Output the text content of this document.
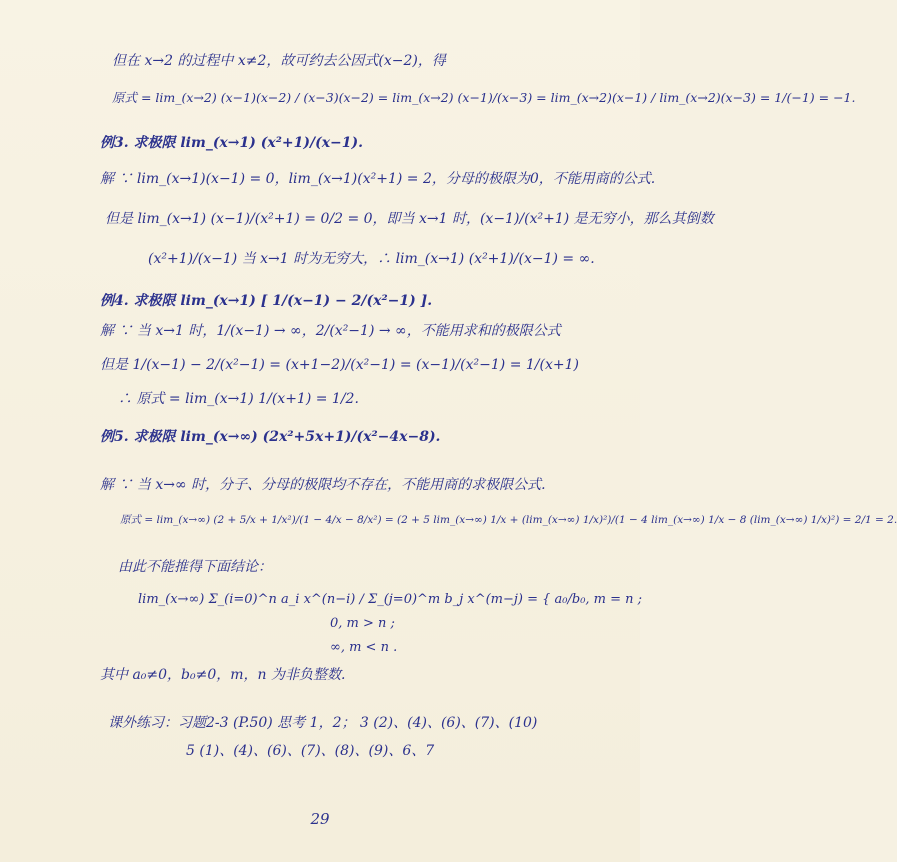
但在 x→2 的过程中 x≠2，故可约去公因式(x−2)，得
原式 = lim_(x→2) (x−1)(x−2) / (x−3)(x−2) = lim_(x→2) (x−1)/(x−3) = lim_(x→2)(x−1) / lim_(x→2)(x−3) = 1/(−1) = −1.
例3. 求极限 lim_(x→1) (x²+1)/(x−1).
解 ∵ lim_(x→1)(x−1) = 0，lim_(x→1)(x²+1) = 2，分母的极限为0，不能用商的公式.
但是 lim_(x→1) (x−1)/(x²+1) = 0/2 = 0，即当 x→1 时，(x−1)/(x²+1) 是无穷小，那么其倒数
(x²+1)/(x−1) 当 x→1 时为无穷大，∴ lim_(x→1) (x²+1)/(x−1) = ∞.
例4. 求极限 lim_(x→1) [ 1/(x−1) − 2/(x²−1) ].
解 ∵ 当 x→1 时，1/(x−1) → ∞，2/(x²−1) → ∞，不能用求和的极限公式
但是 1/(x−1) − 2/(x²−1) = (x+1−2)/(x²−1) = (x−1)/(x²−1) = 1/(x+1)
∴ 原式 = lim_(x→1) 1/(x+1) = 1/2.
例5. 求极限 lim_(x→∞) (2x²+5x+1)/(x²−4x−8).
解 ∵ 当 x→∞ 时，分子、分母的极限均不存在，不能用商的求极限公式.
原式 = lim_(x→∞) (2 + 5/x + 1/x²)/(1 − 4/x − 8/x²) = (2 + 5 lim_(x→∞) 1/x + (lim_(x→∞) 1/x)²)/(1 − 4 lim_(x→∞) 1/x − 8 (lim_(x→∞) 1/x)²) = 2/1 = 2.
由此不能推得下面结论：
lim_(x→∞) Σ_(i=0)^n a_i x^(n−i) / Σ_(j=0)^m b_j x^(m−j) = { a₀/b₀, m = n ;
0, m > n ;
∞, m < n .
其中 a₀≠0，b₀≠0，m，n 为非负整数.
课外练习：习题2-3 (P.50) 思考 1，2； 3 (2)、(4)、(6)、(7)、(10)
5 (1)、(4)、(6)、(7)、(8)、(9)、6、7
29
